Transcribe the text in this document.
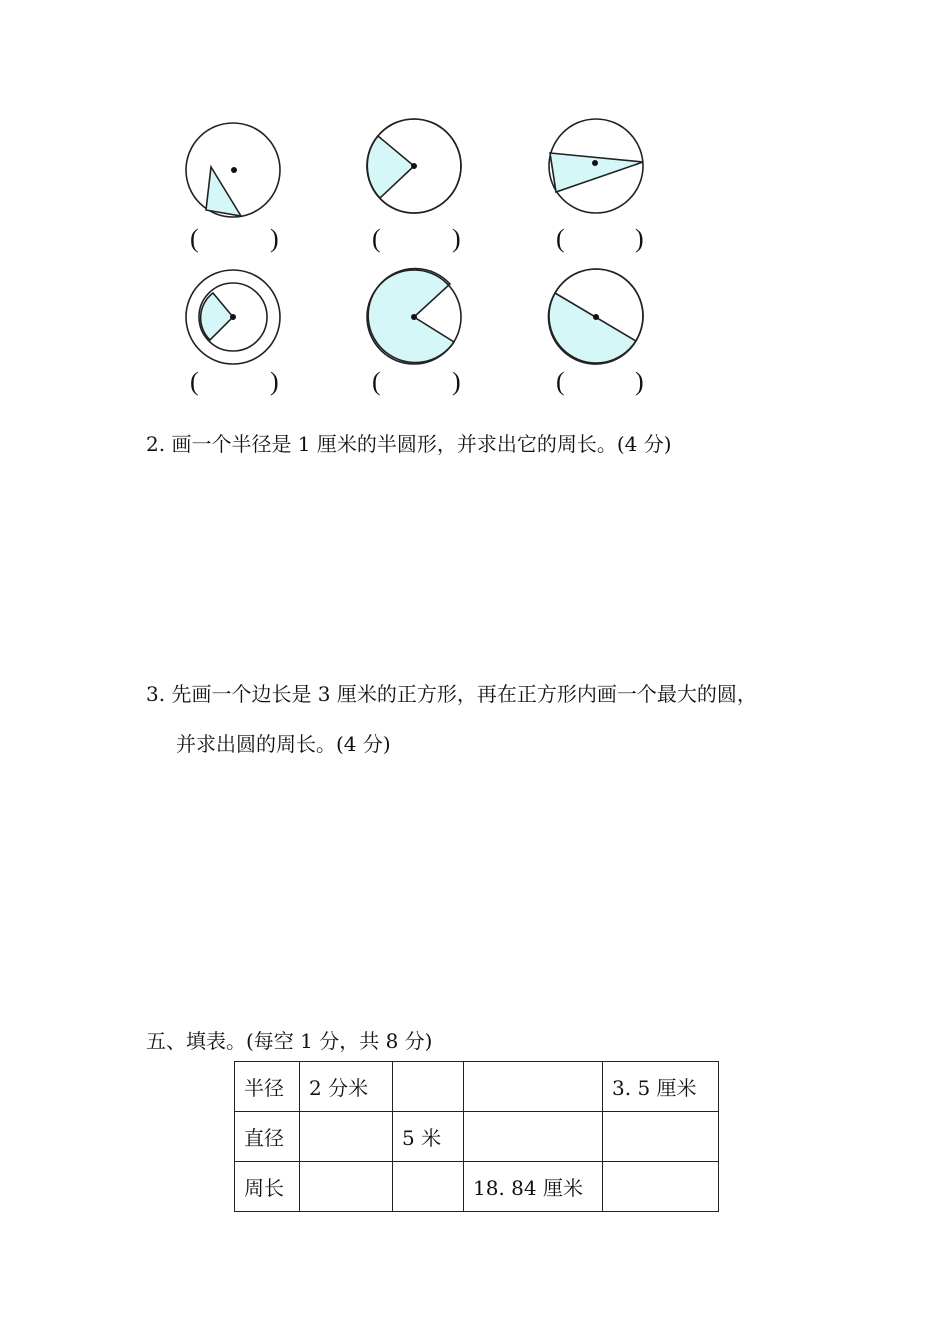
(	)	(	)	(	)
(	)	(	)	(	)
2. 画一个半径是 1 厘米的半圆形，并求出它的周长。(4 分)
3. 先画一个边长是 3 厘米的正方形，再在正方形内画一个最大的圆，
并求出圆的周长。(4 分)
五、填表。(每空 1 分，共 8 分)
半径	2 分米			3. 5 厘米
直径		5 米		
周长			18. 84 厘米	
